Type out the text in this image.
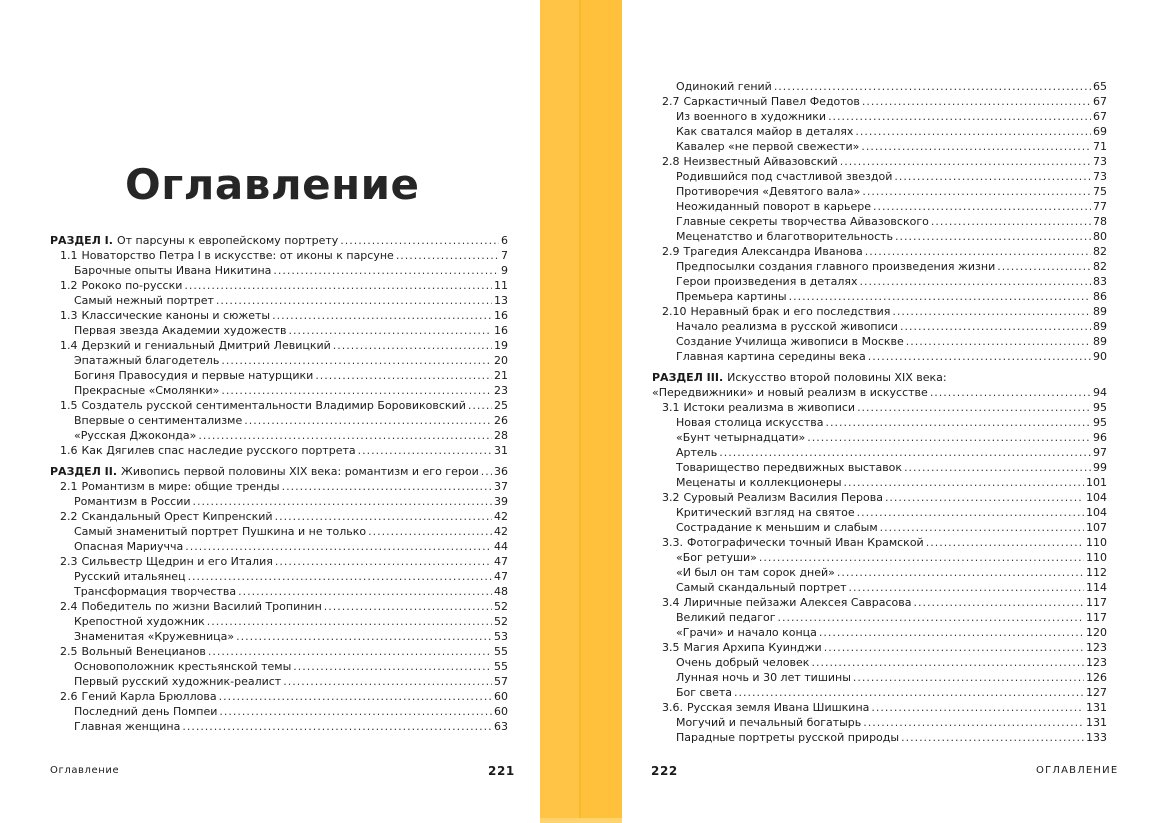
Оглавление
РАЗДЕЛ I. От парсуны к европейскому портрету .....	6
1.1 Новаторство Петра I в искусстве: от иконы к парсуне .....	7
Барочные опыты Ивана Никитина .....	9
1.2 Рококо по-русски .....	11
Самый нежный портрет .....	13
1.3 Классические каноны и сюжеты .....	16
Первая звезда Академии художеств .....	16
1.4 Дерзкий и гениальный Дмитрий Левицкий .....	19
Эпатажный благодетель .....	20
Богиня Правосудия и первые натурщики .....	21
Прекрасные «Смолянки» .....	23
1.5 Создатель русской сентиментальности Владимир Боровиковский .....	25
Впервые о сентиментализме .....	26
«Русская Джоконда» .....	28
1.6 Как Дягилев спас наследие русского портрета .....	31
РАЗДЕЛ II. Живопись первой половины XIX века: романтизм и его герои ..... 36
2.1 Романтизм в мире: общие тренды .....	37
Романтизм в России .....	39
2.2 Скандальный Орест Кипренский .....	42
Самый знаменитый портрет Пушкина и не только .....	42
Опасная Мариучча .....	44
2.3 Сильвестр Щедрин и его Италия .....	47
Русский итальянец .....	47
Трансформация творчества .....	48
2.4 Победитель по жизни Василий Тропинин .....	52
Крепостной художник .....	52
Знаменитая «Кружевница» .....	53
2.5 Вольный Венецианов .....	55
Основоположник крестьянской темы .....	55
Первый русский художник-реалист .....	57
2.6 Гений Карла Брюллова .....	60
Последний день Помпеи .....	60
Главная женщина .....	63
Одинокий гений .....	65
2.7 Саркастичный Павел Федотов .....	67
Из военного в художники .....	67
Как сватался майор в деталях .....	69
Кавалер «не первой свежести» .....	71
2.8 Неизвестный Айвазовский .....	73
Родившийся под счастливой звездой .....	73
Противоречия «Девятого вала» .....	75
Неожиданный поворот в карьере .....	77
Главные секреты творчества Айвазовского .....	78
Меценатство и благотворительность .....	80
2.9 Трагедия Александра Иванова .....	82
Предпосылки создания главного произведения жизни .....	82
Герои произведения в деталях .....	83
Премьера картины .....	86
2.10 Неравный брак и его последствия .....	89
Начало реализма в русской живописи .....	89
Создание Училища живописи в Москве .....	89
Главная картина середины века .....	90
РАЗДЕЛ III. Искусство второй половины XIX века:
«Передвижники» и новый реализм в искусстве .....	94
3.1 Истоки реализма в живописи .....	95
Новая столица искусства .....	95
«Бунт четырнадцати» .....	96
Артель .....	97
Товарищество передвижных выставок .....	99
Меценаты и коллекционеры .....	101
3.2 Суровый Реализм Василия Перова .....	104
Критический взгляд на святое .....	104
Сострадание к меньшим и слабым .....	107
3.3. Фотографически точный Иван Крамской .....	110
«Бог ретуши» .....	110
«И был он там сорок дней» .....	112
Самый скандальный портрет .....	114
3.4 Лиричные пейзажи Алексея Саврасова .....	117
Великий педагог .....	117
«Грачи» и начало конца .....	120
3.5 Магия Архипа Куинджи .....	123
Очень добрый человек .....	123
Лунная ночь и 30 лет тишины .....	126
Бог света .....	127
3.6. Русская земля Ивана Шишкина .....	131
Могучий и печальный богатырь .....	131
Парадные портреты русской природы .....	133
Оглавление	221	222	ОГЛАВЛЕНИЕ
